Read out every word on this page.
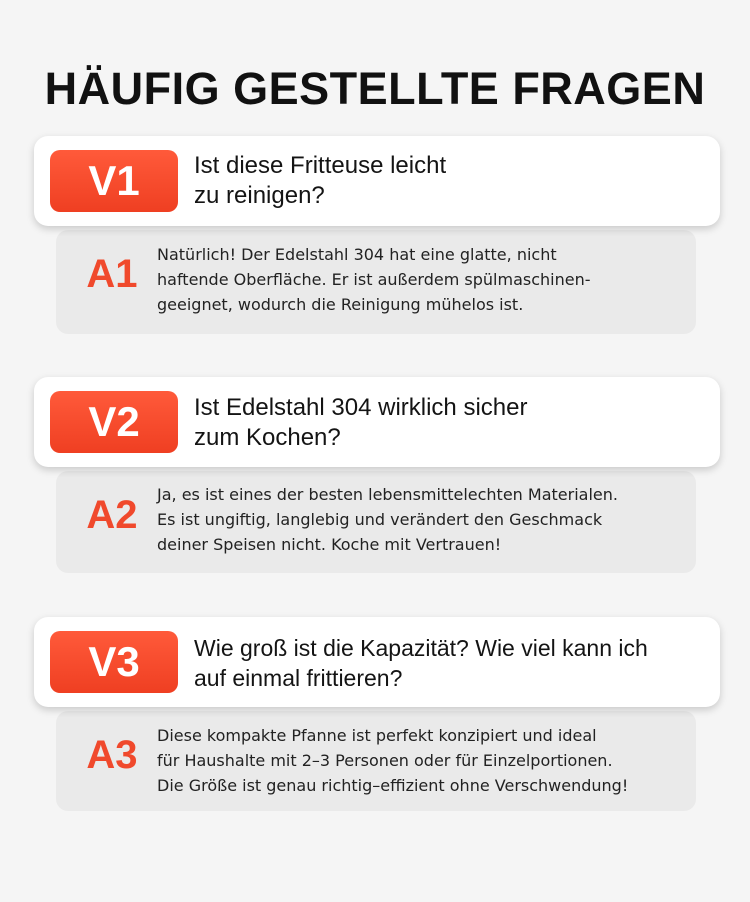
HÄUFIG GESTELLTE FRAGEN
V1	Ist diese Fritteuse leicht
zu reinigen?
A1	Natürlich! Der Edelstahl 304 hat eine glatte, nicht
haftende Oberfläche. Er ist außerdem spülmaschinen-
geeignet, wodurch die Reinigung mühelos ist.
V2	Ist Edelstahl 304 wirklich sicher
zum Kochen?
A2	Ja, es ist eines der besten lebensmittelechten Materialen.
Es ist ungiftig, langlebig und verändert den Geschmack
deiner Speisen nicht. Koche mit Vertrauen!
V3	Wie groß ist die Kapazität? Wie viel kann ich
auf einmal frittieren?
A3	Diese kompakte Pfanne ist perfekt konzipiert und ideal
für Haushalte mit 2–3 Personen oder für Einzelportionen.
Die Größe ist genau richtig–effizient ohne Verschwendung!
